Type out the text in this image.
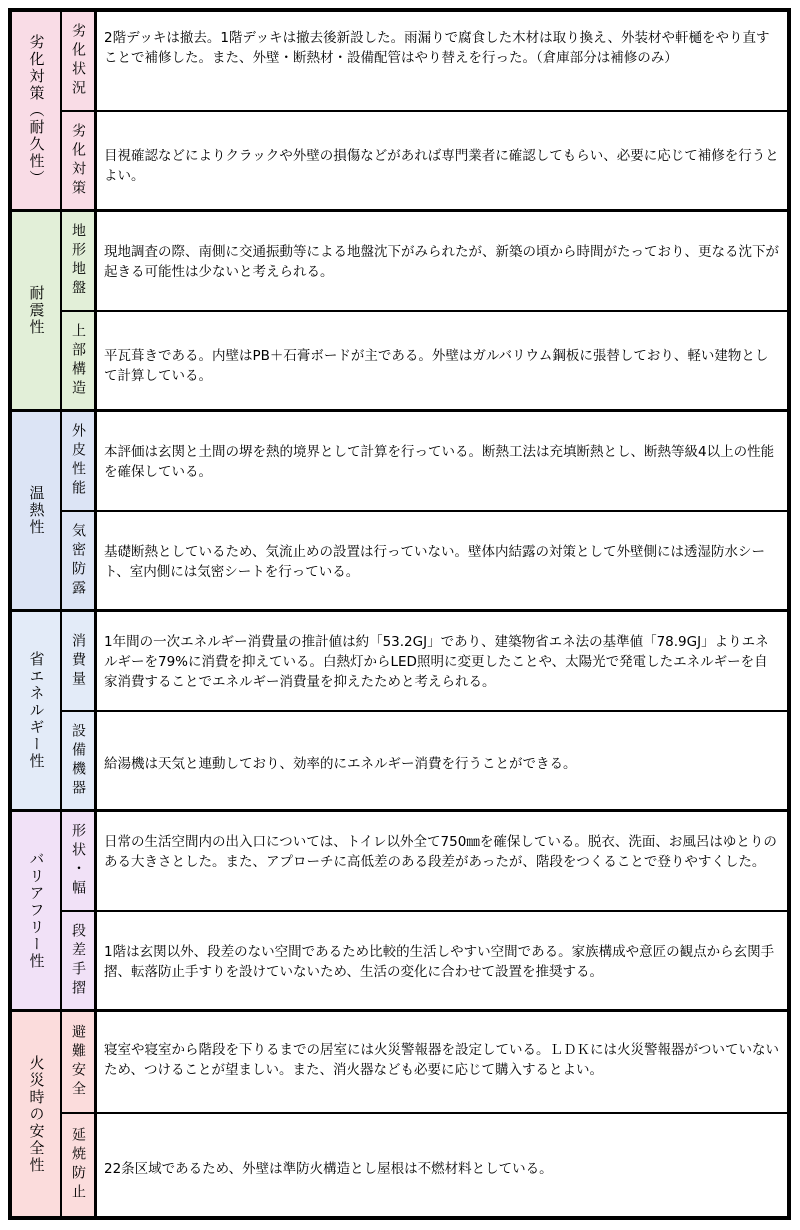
劣化対策（耐久性） 劣化状況 2階デッキは撤去。1階デッキは撤去後新設した。雨漏りで腐食した木材は取り換え、外装材や軒樋をやり直すことで補修した。また、外壁・断熱材・設備配管はやり替えを行った。（倉庫部分は補修のみ）

劣化対策 目視確認などによりクラックや外壁の損傷などがあれば専門業者に確認してもらい、必要に応じて補修を行うとよい。

耐震性
地形地盤 現地調査の際、南側に交通振動等による地盤沈下がみられたが、新築の頃から時間がたっており、更なる沈下が起きる可能性は少ないと考えられる。

上部構造 平瓦葺きである。内壁はPB＋石膏ボードが主である。外壁はガルバリウム鋼板に張替しており、軽い建物として計算している。

温熱性
外皮性能 本評価は玄関と土間の堺を熱的境界として計算を行っている。断熱工法は充填断熱とし、断熱等級4以上の性能を確保している。

気密防露 基礎断熱としているため、気流止めの設置は行っていない。壁体内結露の対策として外壁側には透湿防水シート、室内側には気密シートを行っている。

省エネルギー性 消費量 1年間の一次エネルギー消費量の推計値は約「53.2GJ」であり、建築物省エネ法の基準値「78.9GJ」よりエネルギーを79%に消費を抑えている。白熱灯からLED照明に変更したことや、太陽光で発電したエネルギーを自家消費することでエネルギー消費量を抑えたためと考えられる。

設備機器 給湯機は天気と連動しており、効率的にエネルギー消費を行うことができる。

バリアフリー性 形状・幅 日常の生活空間内の出入口については、トイレ以外全て750㎜を確保している。脱衣、洗面、お風呂はゆとりのある大きさとした。また、アプローチに高低差のある段差があったが、階段をつくることで登りやすくした。

段差手摺 1階は玄関以外、段差のない空間であるため比較的生活しやすい空間である。家族構成や意匠の観点から玄関手摺、転落防止手すりを設けていないため、生活の変化に合わせて設置を推奨する。

火災時の安全性 避難安全 寝室や寝室から階段を下りるまでの居室には火災警報器を設定している。ＬＤＫには火災警報器がついていないため、つけることが望ましい。また、消火器なども必要に応じて購入するとよい。

延焼防止 22条区域であるため、外壁は準防火構造とし屋根は不燃材料としている。
